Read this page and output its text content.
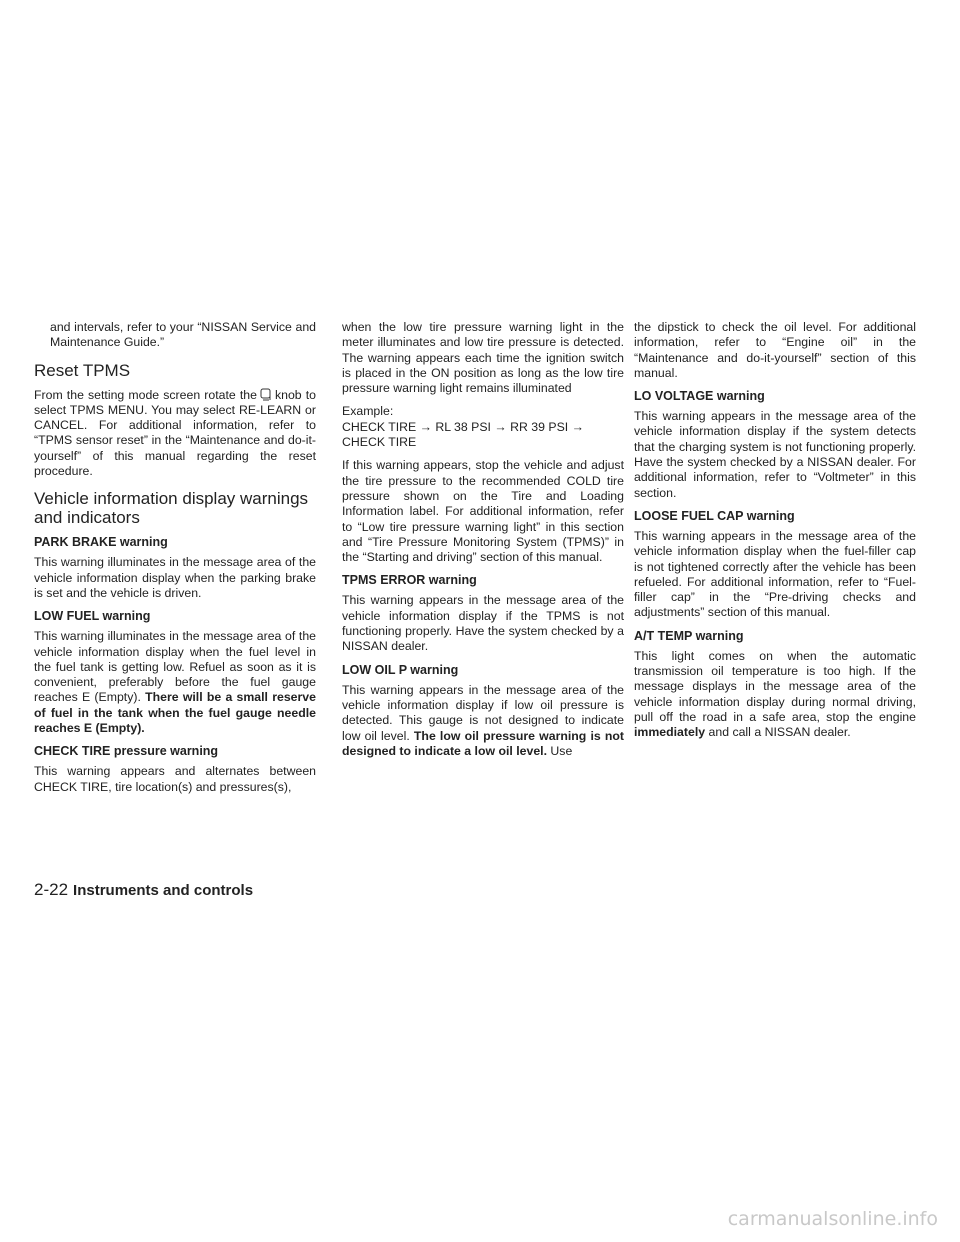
and intervals, refer to your “NISSAN Service and Maintenance Guide.”

Reset TPMS

From the setting mode screen rotate the knob to select TPMS MENU. You may select RE-LEARN or CANCEL. For additional information, refer to “TPMS sensor reset” in the “Maintenance and do-it-yourself” of this manual regarding the reset procedure.

Vehicle information display warnings and indicators
PARK BRAKE warning

This warning illuminates in the message area of the vehicle information display when the parking brake is set and the vehicle is driven.

LOW FUEL warning

This warning illuminates in the message area of the vehicle information display when the fuel level in the fuel tank is getting low. Refuel as soon as it is convenient, preferably before the fuel gauge reaches E (Empty). There will be a small reserve of fuel in the tank when the fuel gauge needle reaches E (Empty).

CHECK TIRE pressure warning

This warning appears and alternates between CHECK TIRE, tire location(s) and pressures(s),

when the low tire pressure warning light in the meter illuminates and low tire pressure is detected. The warning appears each time the ignition switch is placed in the ON position as long as the low tire pressure warning light remains illuminated

Example:

CHECK TIRE → RL 38 PSI → RR 39 PSI →

CHECK TIRE

If this warning appears, stop the vehicle and adjust the tire pressure to the recommended COLD tire pressure shown on the Tire and Loading Information label. For additional information, refer to “Low tire pressure warning light” in this section and “Tire Pressure Monitoring System (TPMS)” in the “Starting and driving” section of this manual.

TPMS ERROR warning

This warning appears in the message area of the vehicle information display if the TPMS is not functioning properly. Have the system checked by a NISSAN dealer.

LOW OIL P warning

This warning appears in the message area of the vehicle information display if low oil pressure is detected. This gauge is not designed to indicate low oil level. The low oil pressure warning is not designed to indicate a low oil level. Use

the dipstick to check the oil level. For additional information, refer to “Engine oil” in the “Maintenance and do-it-yourself” section of this manual.

LO VOLTAGE warning

This warning appears in the message area of the vehicle information display if the system detects that the charging system is not functioning properly. Have the system checked by a NISSAN dealer. For additional information, refer to “Voltmeter” in this section.

LOOSE FUEL CAP warning

This warning appears in the message area of the vehicle information display when the fuel-filler cap is not tightened correctly after the vehicle has been refueled. For additional information, refer to “Fuel-filler cap” in the “Pre-driving checks and adjustments” section of this manual.

A/T TEMP warning

This light comes on when the automatic transmission oil temperature is too high. If the message displays in the message area of the vehicle information display during normal driving, pull off the road in a safe area, stop the engine immediately and call a NISSAN dealer.

2-22 Instruments and controls
carmanualsonline.info
